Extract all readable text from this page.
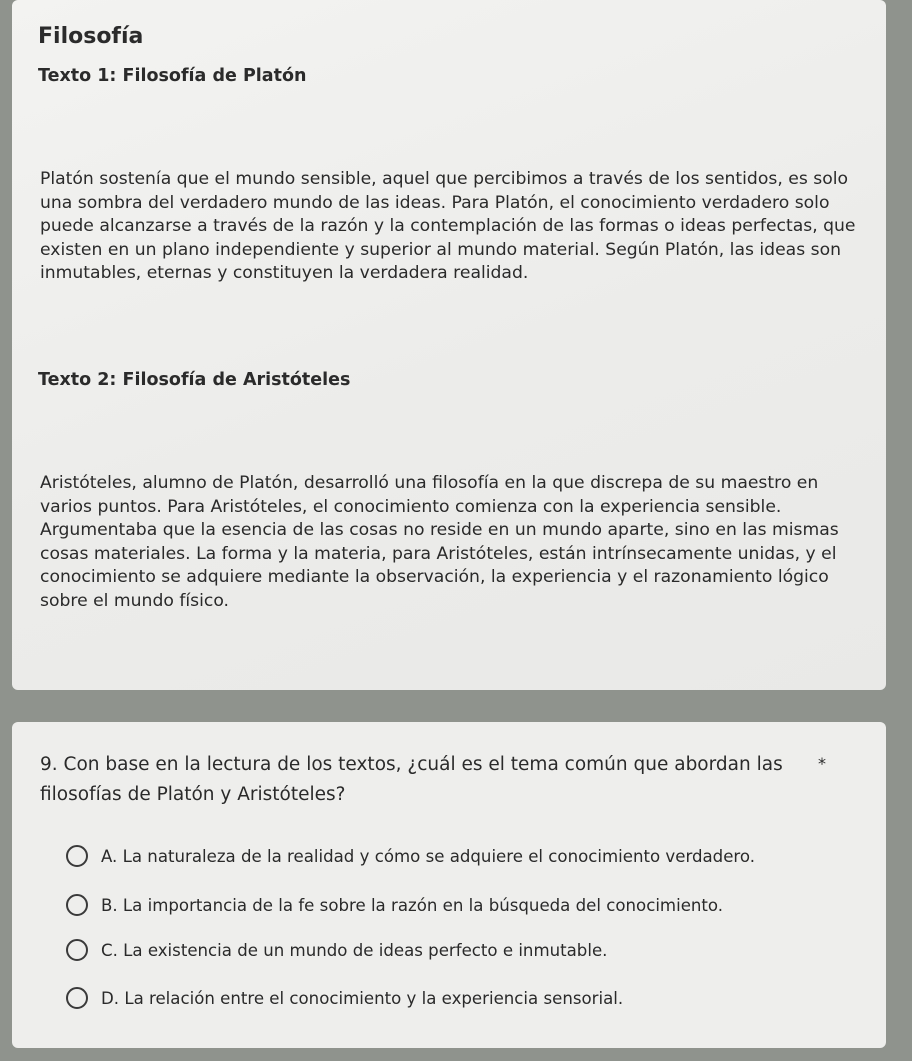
Filosofía
Texto 1: Filosofía de Platón

Platón sostenía que el mundo sensible, aquel que percibimos a través de los sentidos, es solo una sombra del verdadero mundo de las ideas. Para Platón, el conocimiento verdadero solo puede alcanzarse a través de la razón y la contemplación de las formas o ideas perfectas, que existen en un plano independiente y superior al mundo material. Según Platón, las ideas son inmutables, eternas y constituyen la verdadera realidad.

Texto 2: Filosofía de Aristóteles

Aristóteles, alumno de Platón, desarrolló una filosofía en la que discrepa de su maestro en varios puntos. Para Aristóteles, el conocimiento comienza con la experiencia sensible. Argumentaba que la esencia de las cosas no reside en un mundo aparte, sino en las mismas cosas materiales. La forma y la materia, para Aristóteles, están intrínsecamente unidas, y el conocimiento se adquiere mediante la observación, la experiencia y el razonamiento lógico sobre el mundo físico.

9. Con base en la lectura de los textos, ¿cuál es el tema común que abordan las filosofías de Platón y Aristóteles?

*
A. La naturaleza de la realidad y cómo se adquiere el conocimiento verdadero.
B. La importancia de la fe sobre la razón en la búsqueda del conocimiento.
C. La existencia de un mundo de ideas perfecto e inmutable.
D. La relación entre el conocimiento y la experiencia sensorial.
